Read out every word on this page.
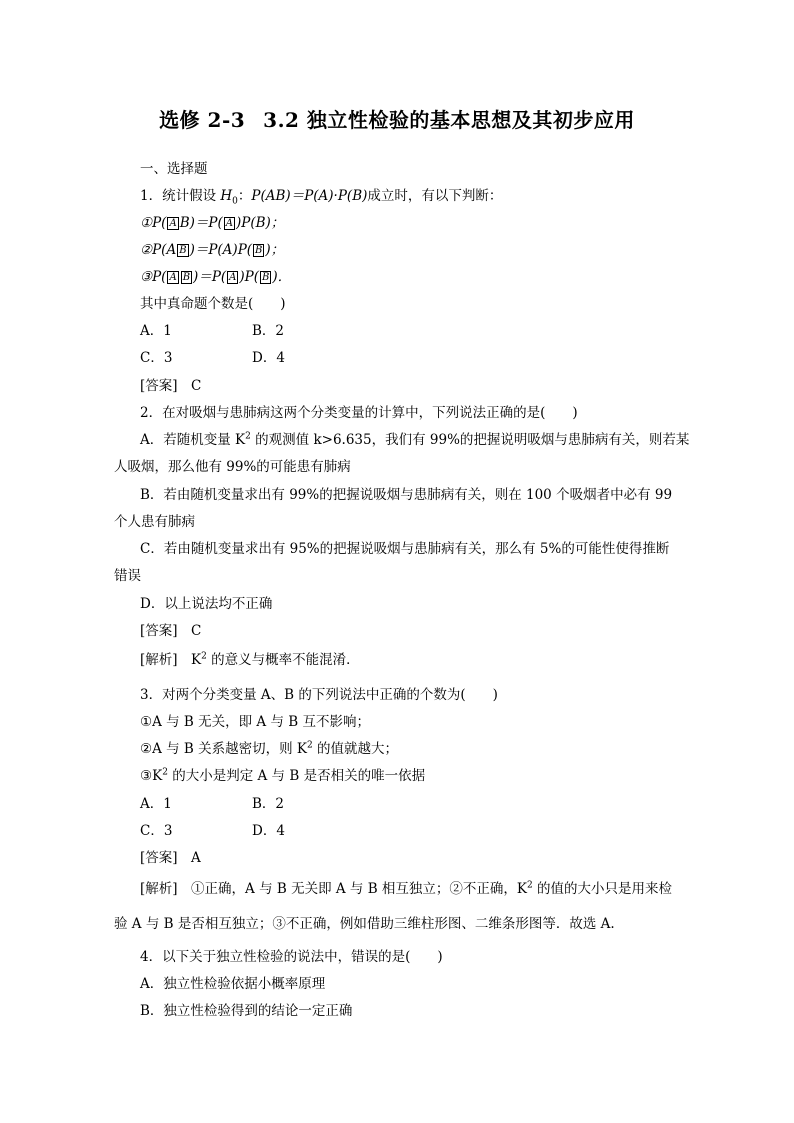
选修 2-3 3.2 独立性检验的基本思想及其初步应用
一、选择题
1．统计假设 $H_0$：P(AB)＝P(A)·P(B)成立时，有以下判断：
①P( A B)＝P( A )P(B)；
②P(A B )＝P(A)P( B )；
③P( A B )＝P( A )P( B )．
其中真命题个数是(　　)
A．1	B．2
C．3	D．4
[答案]　C
2．在对吸烟与患肺病这两个分类变量的计算中，下列说法正确的是(　　)
A．若随机变量 $K^2$ 的观测值 k>6.635，我们有 99%的把握说明吸烟与患肺病有关，则若某
人吸烟，那么他有 99%的可能患有肺病
B．若由随机变量求出有 99%的把握说吸烟与患肺病有关，则在 100 个吸烟者中必有 99
个人患有肺病
C．若由随机变量求出有 95%的把握说吸烟与患肺病有关，那么有 5%的可能性使得推断
错误
D．以上说法均不正确
[答案]　C
[解析]　$K^2$ 的意义与概率不能混淆．
3．对两个分类变量 A、B 的下列说法中正确的个数为(　　)
①A 与 B 无关，即 A 与 B 互不影响；
②A 与 B 关系越密切，则 $K^2$ 的值就越大；
$③K^2$ 的大小是判定 A 与 B 是否相关的唯一依据
A．1	B．2
C．3	D．4
[答案]　A
[解析]　①正确，A 与 B 无关即 A 与 B 相互独立；②不正确，$K^2$ 的值的大小只是用来检
验 A 与 B 是否相互独立；③不正确，例如借助三维柱形图、二维条形图等．故选 A.
4．以下关于独立性检验的说法中，错误的是(　　)
A．独立性检验依据小概率原理
B．独立性检验得到的结论一定正确
